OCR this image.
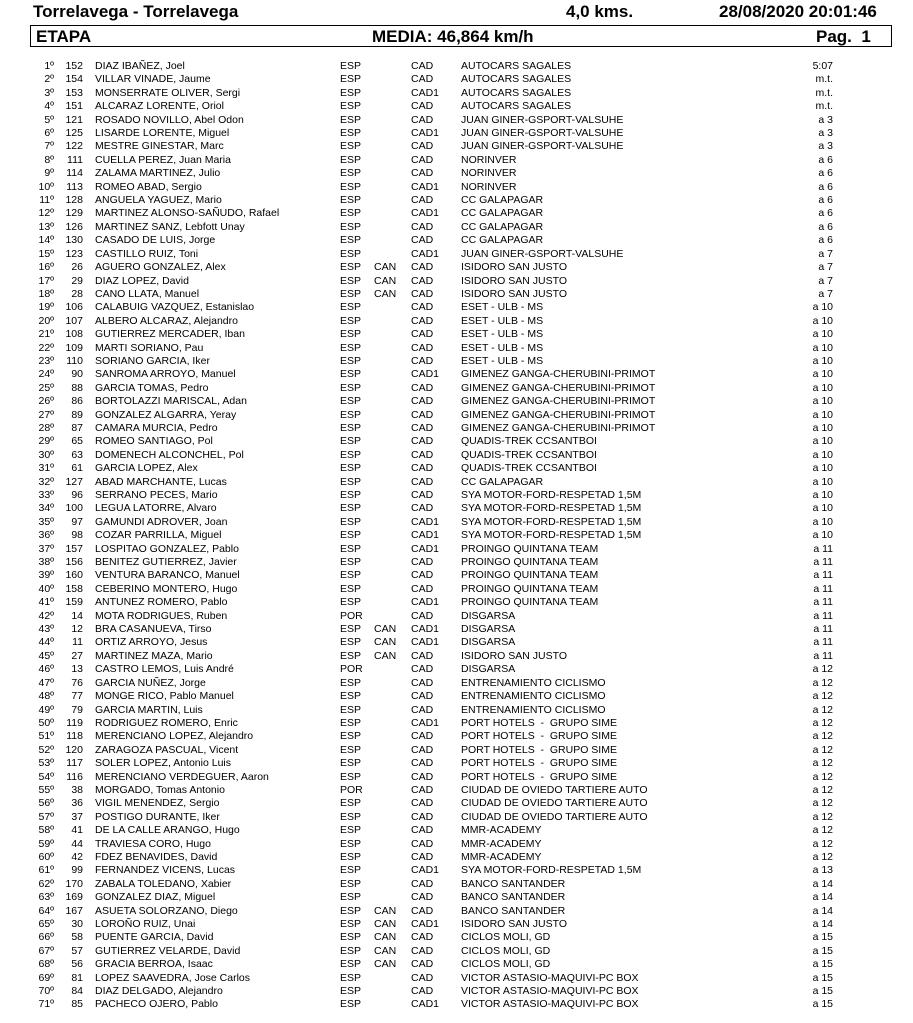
Torrelavega - Torrelavega	4,0 kms.	28/08/2020 20:01:46
ETAPA	MEDIA: 46,864 km/h	Pag.  1
1º	152 DIAZ IBAÑEZ, Joel	ESP	CAD	AUTOCARS SAGALES	5:07
2º	154 VILLAR VINADE, Jaume	ESP	CAD	AUTOCARS SAGALES	m.t.
3º	153 MONSERRATE OLIVER, Sergi	ESP	CAD1 AUTOCARS SAGALES	m.t.
4º	151 ALCARAZ LORENTE, Oriol	ESP	CAD	AUTOCARS SAGALES	m.t.
5º	121 ROSADO NOVILLO, Abel Odon	ESP	CAD	JUAN GINER-GSPORT-VALSUHE	a 3
6º	125 LISARDE LORENTE, Miguel	ESP	CAD1 JUAN GINER-GSPORT-VALSUHE	a 3
7º	122 MESTRE GINESTAR, Marc	ESP	CAD	JUAN GINER-GSPORT-VALSUHE	a 3
8º	111 CUELLA PEREZ, Juan Maria	ESP	CAD	NORINVER	a 6
9º	114 ZALAMA MARTINEZ, Julio	ESP	CAD	NORINVER	a 6
10º	113 ROMEO ABAD, Sergio	ESP	CAD1 NORINVER	a 6
11º	128 ANGUELA YAGUEZ, Mario	ESP	CAD	CC GALAPAGAR	a 6
12º	129 MARTINEZ ALONSO-SAÑUDO, Rafael	ESP	CAD1 CC GALAPAGAR	a 6
13º	126 MARTINEZ SANZ, Lebfott Unay	ESP	CAD	CC GALAPAGAR	a 6
14º	130 CASADO DE LUIS, Jorge	ESP	CAD	CC GALAPAGAR	a 6
15º	123 CASTILLO RUIZ, Toni	ESP	CAD1 JUAN GINER-GSPORT-VALSUHE	a 7
16º	26 AGUERO GONZALEZ, Alex	ESP CAN CAD	ISIDORO SAN JUSTO	a 7
17º	29 DIAZ LOPEZ, David	ESP CAN CAD	ISIDORO SAN JUSTO	a 7
18º	28 CANO LLATA, Manuel	ESP CAN CAD	ISIDORO SAN JUSTO	a 7
19º	106 CALABUIG VAZQUEZ, Estanislao	ESP	CAD	ESET - ULB - MS	a 10
20º	107 ALBERO ALCARAZ, Alejandro	ESP	CAD	ESET - ULB - MS	a 10
21º	108 GUTIERREZ MERCADER, Iban	ESP	CAD	ESET - ULB - MS	a 10
22º	109 MARTI SORIANO, Pau	ESP	CAD	ESET - ULB - MS	a 10
23º	110 SORIANO GARCIA, Iker	ESP	CAD	ESET - ULB - MS	a 10
24º	90 SANROMA ARROYO, Manuel	ESP	CAD1 GIMENEZ GANGA-CHERUBINI-PRIMOT	a 10
25º	88 GARCIA TOMAS, Pedro	ESP	CAD	GIMENEZ GANGA-CHERUBINI-PRIMOT	a 10
26º	86 BORTOLAZZI MARISCAL, Adan	ESP	CAD	GIMENEZ GANGA-CHERUBINI-PRIMOT	a 10
27º	89 GONZALEZ ALGARRA, Yeray	ESP	CAD	GIMENEZ GANGA-CHERUBINI-PRIMOT	a 10
28º	87 CAMARA MURCIA, Pedro	ESP	CAD	GIMENEZ GANGA-CHERUBINI-PRIMOT	a 10
29º	65 ROMEO SANTIAGO, Pol	ESP	CAD	QUADIS-TREK CCSANTBOI	a 10
30º	63 DOMENECH ALCONCHEL, Pol	ESP	CAD	QUADIS-TREK CCSANTBOI	a 10
31º	61 GARCIA LOPEZ, Alex	ESP	CAD	QUADIS-TREK CCSANTBOI	a 10
32º	127 ABAD MARCHANTE, Lucas	ESP	CAD	CC GALAPAGAR	a 10
33º	96 SERRANO PECES, Mario	ESP	CAD	SYA MOTOR-FORD-RESPETAD 1,5M	a 10
34º	100 LEGUA LATORRE, Alvaro	ESP	CAD	SYA MOTOR-FORD-RESPETAD 1,5M	a 10
35º	97 GAMUNDI ADROVER, Joan	ESP	CAD1 SYA MOTOR-FORD-RESPETAD 1,5M	a 10
36º	98 COZAR PARRILLA, Miguel	ESP	CAD1 SYA MOTOR-FORD-RESPETAD 1,5M	a 10
37º	157 LOSPITAO GONZALEZ, Pablo	ESP	CAD1 PROINGO QUINTANA TEAM	a 11
38º	156 BENITEZ GUTIERREZ, Javier	ESP	CAD	PROINGO QUINTANA TEAM	a 11
39º	160 VENTURA BARANCO, Manuel	ESP	CAD	PROINGO QUINTANA TEAM	a 11
40º	158 CEBERINO MONTERO, Hugo	ESP	CAD	PROINGO QUINTANA TEAM	a 11
41º	159 ANTUNEZ ROMERO, Pablo	ESP	CAD1 PROINGO QUINTANA TEAM	a 11
42º	14 MOTA RODRIGUES, Ruben	POR	CAD	DISGARSA	a 11
43º	12 BRA CASANUEVA, Tirso	ESP CAN CAD1 DISGARSA	a 11
44º	11 ORTIZ ARROYO, Jesus	ESP CAN CAD1 DISGARSA	a 11
45º	27 MARTINEZ MAZA, Mario	ESP CAN CAD	ISIDORO SAN JUSTO	a 11
46º	13 CASTRO LEMOS, Luis André	POR	CAD	DISGARSA	a 12
47º	76 GARCIA NUÑEZ, Jorge	ESP	CAD	ENTRENAMIENTO CICLISMO	a 12
48º	77 MONGE RICO, Pablo Manuel	ESP	CAD	ENTRENAMIENTO CICLISMO	a 12
49º	79 GARCIA MARTIN, Luis	ESP	CAD	ENTRENAMIENTO CICLISMO	a 12
50º	119 RODRIGUEZ ROMERO, Enric	ESP	CAD1 PORT HOTELS  -  GRUPO SIME	a 12
51º	118 MERENCIANO LOPEZ, Alejandro	ESP	CAD	PORT HOTELS  -  GRUPO SIME	a 12
52º	120 ZARAGOZA PASCUAL, Vicent	ESP	CAD	PORT HOTELS  -  GRUPO SIME	a 12
53º	117 SOLER LOPEZ, Antonio Luis	ESP	CAD	PORT HOTELS  -  GRUPO SIME	a 12
54º	116 MERENCIANO VERDEGUER, Aaron	ESP	CAD	PORT HOTELS  -  GRUPO SIME	a 12
55º	38 MORGADO, Tomas Antonio	POR	CAD	CIUDAD DE OVIEDO TARTIERE AUTO	a 12
56º	36 VIGIL MENENDEZ, Sergio	ESP	CAD	CIUDAD DE OVIEDO TARTIERE AUTO	a 12
57º	37 POSTIGO DURANTE, Iker	ESP	CAD	CIUDAD DE OVIEDO TARTIERE AUTO	a 12
58º	41 DE LA CALLE ARANGO, Hugo	ESP	CAD	MMR-ACADEMY	a 12
59º	44 TRAVIESA CORO, Hugo	ESP	CAD	MMR-ACADEMY	a 12
60º	42 FDEZ BENAVIDES, David	ESP	CAD	MMR-ACADEMY	a 12
61º	99 FERNANDEZ VICENS, Lucas	ESP	CAD1 SYA MOTOR-FORD-RESPETAD 1,5M	a 13
62º	170 ZABALA TOLEDANO, Xabier	ESP	CAD	BANCO SANTANDER	a 14
63º	169 GONZALEZ DIAZ, Miguel	ESP	CAD	BANCO SANTANDER	a 14
64º	167 ASUETA SOLORZANO, Diego	ESP CAN CAD	BANCO SANTANDER	a 14
65º	30 LOROÑO RUIZ, Unai	ESP CAN CAD1 ISIDORO SAN JUSTO	a 14
66º	58 PUENTE GARCIA, David	ESP CAN CAD	CICLOS MOLI, GD	a 15
67º	57 GUTIERREZ VELARDE, David	ESP CAN CAD	CICLOS MOLI, GD	a 15
68º	56 GRACIA BERROA, Isaac	ESP CAN CAD	CICLOS MOLI, GD	a 15
69º	81 LOPEZ SAAVEDRA, Jose Carlos	ESP	CAD	VICTOR ASTASIO-MAQUIVI-PC BOX	a 15
70º	84 DIAZ DELGADO, Alejandro	ESP	CAD	VICTOR ASTASIO-MAQUIVI-PC BOX	a 15
71º	85 PACHECO OJERO, Pablo	ESP	CAD1 VICTOR ASTASIO-MAQUIVI-PC BOX	a 15
